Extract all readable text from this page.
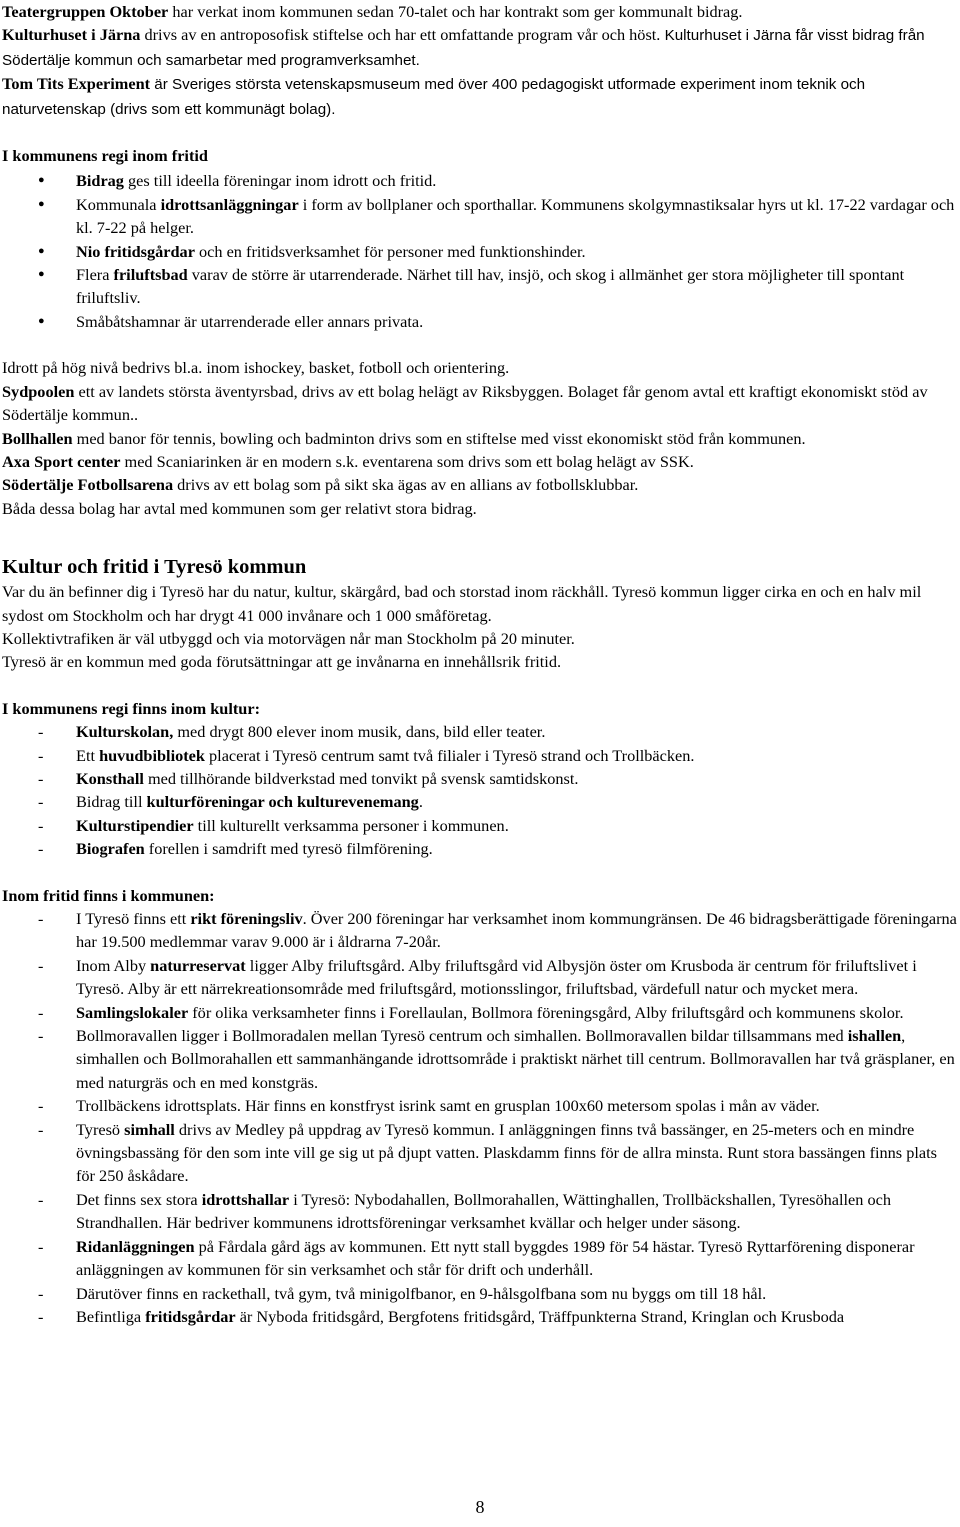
Teatergruppen Oktober har verkat inom kommunen sedan 70-talet och har kontrakt som ger kommunalt bidrag.
Kulturhuset i Järna drivs av en antroposofisk stiftelse och har ett omfattande program vår och höst. Kulturhuset i Järna får visst bidrag från Södertälje kommun och samarbetar med programverksamhet.

Tom Tits Experiment är Sveriges största vetenskapsmuseum med över 400 pedagogiskt utformade experiment inom teknik och naturvetenskap (drivs som ett kommunägt bolag).

I kommunens regi inom fritid
● Bidrag ges till ideella föreningar inom idrott och fritid.
● Kommunala idrottsanläggningar i form av bollplaner och sporthallar. Kommunens skolgymnastiksalar hyrs ut kl. 17-22 vardagar och kl. 7-22 på helger.
● Nio fritidsgårdar och en fritidsverksamhet för personer med funktionshinder.
● Flera friluftsbad varav de större är utarrenderade. Närhet till hav, insjö, och skog i allmänhet ger stora möjligheter till spontant friluftsliv.
● Småbåtshamnar är utarrenderade eller annars privata.

Idrott på hög nivå bedrivs bl.a. inom ishockey, basket, fotboll och orientering.

Sydpoolen ett av landets största äventyrsbad, drivs av ett bolag helägt av Riksbyggen. Bolaget får genom avtal ett kraftigt ekonomiskt stöd av Södertälje kommun..

Bollhallen med banor för tennis, bowling och badminton drivs som en stiftelse med visst ekonomiskt stöd från kommunen.

Axa Sport center med Scaniarinken är en modern s.k. eventarena som drivs som ett bolag helägt av SSK.

Södertälje Fotbollsarena drivs av ett bolag som på sikt ska ägas av en allians av fotbollsklubbar.

Båda dessa bolag har avtal med kommunen som ger relativt stora bidrag.

Kultur och fritid i Tyresö kommun

Var du än befinner dig i Tyresö har du natur, kultur, skärgård, bad och storstad inom räckhåll. Tyresö kommun ligger cirka en och en halv mil sydost om Stockholm och har drygt 41 000 invånare och 1 000 småföretag.

Kollektivtrafiken är väl utbyggd och via motorvägen når man Stockholm på 20 minuter.

Tyresö är en kommun med goda förutsättningar att ge invånarna en innehållsrik fritid.

I kommunens regi finns inom kultur:
- Kulturskolan, med drygt 800 elever inom musik, dans, bild eller teater.
- Ett huvudbibliotek placerat i Tyresö centrum samt två filialer i Tyresö strand och Trollbäcken.
- Konsthall med tillhörande bildverkstad med tonvikt på svensk samtidskonst.
- Bidrag till kulturföreningar och kulturevenemang.
- Kulturstipendier till kulturellt verksamma personer i kommunen.
- Biografen forellen i samdrift med tyresö filmförening.
Inom fritid finns i kommunen:
- I Tyresö finns ett rikt föreningsliv. Över 200 föreningar har verksamhet inom kommungränsen. De 46 bidragsberättigade föreningarna har 19.500 medlemmar varav 9.000 är i åldrarna 7-20år.
- Inom Alby naturreservat ligger Alby friluftsgård. Alby friluftsgård vid Albysjön öster om Krusboda är centrum för friluftslivet i Tyresö. Alby är ett närrekreationsområde med friluftsgård, motionsslingor, friluftsbad, värdefull natur och mycket mera.
- Samlingslokaler för olika verksamheter finns i Forellaulan, Bollmora föreningsgård, Alby friluftsgård och kommunens skolor.
- Bollmoravallen ligger i Bollmoradalen mellan Tyresö centrum och simhallen. Bollmoravallen bildar tillsammans med ishallen, simhallen och Bollmorahallen ett sammanhängande idrottsområde i praktiskt närhet till centrum. Bollmoravallen har två gräsplaner, en med naturgräs och en med konstgräs.
- Trollbäckens idrottsplats. Här finns en konstfryst isrink samt en grusplan 100x60 metersom spolas i mån av väder.
- Tyresö simhall drivs av Medley på uppdrag av Tyresö kommun. I anläggningen finns två bassänger, en 25-meters och en mindre övningsbassäng för den som inte vill ge sig ut på djupt vatten. Plaskdamm finns för de allra minsta. Runt stora bassängen finns plats för 250 åskådare.
- Det finns sex stora idrottshallar i Tyresö: Nybodahallen, Bollmorahallen, Wättinghallen, Trollbäckshallen, Tyresöhallen och Strandhallen. Här bedriver kommunens idrottsföreningar verksamhet kvällar och helger under säsong.
- Ridanläggningen på Fårdala gård ägs av kommunen. Ett nytt stall byggdes 1989 för 54 hästar. Tyresö Ryttarförening disponerar anläggningen av kommunen för sin verksamhet och står för drift och underhåll.
- Därutöver finns en rackethall, två gym, två minigolfbanor, en 9-hålsgolfbana som nu byggs om till 18 hål.
- Befintliga fritidsgårdar är Nyboda fritidsgård, Bergfotens fritidsgård, Träffpunkterna Strand, Kringlan och Krusboda
8
